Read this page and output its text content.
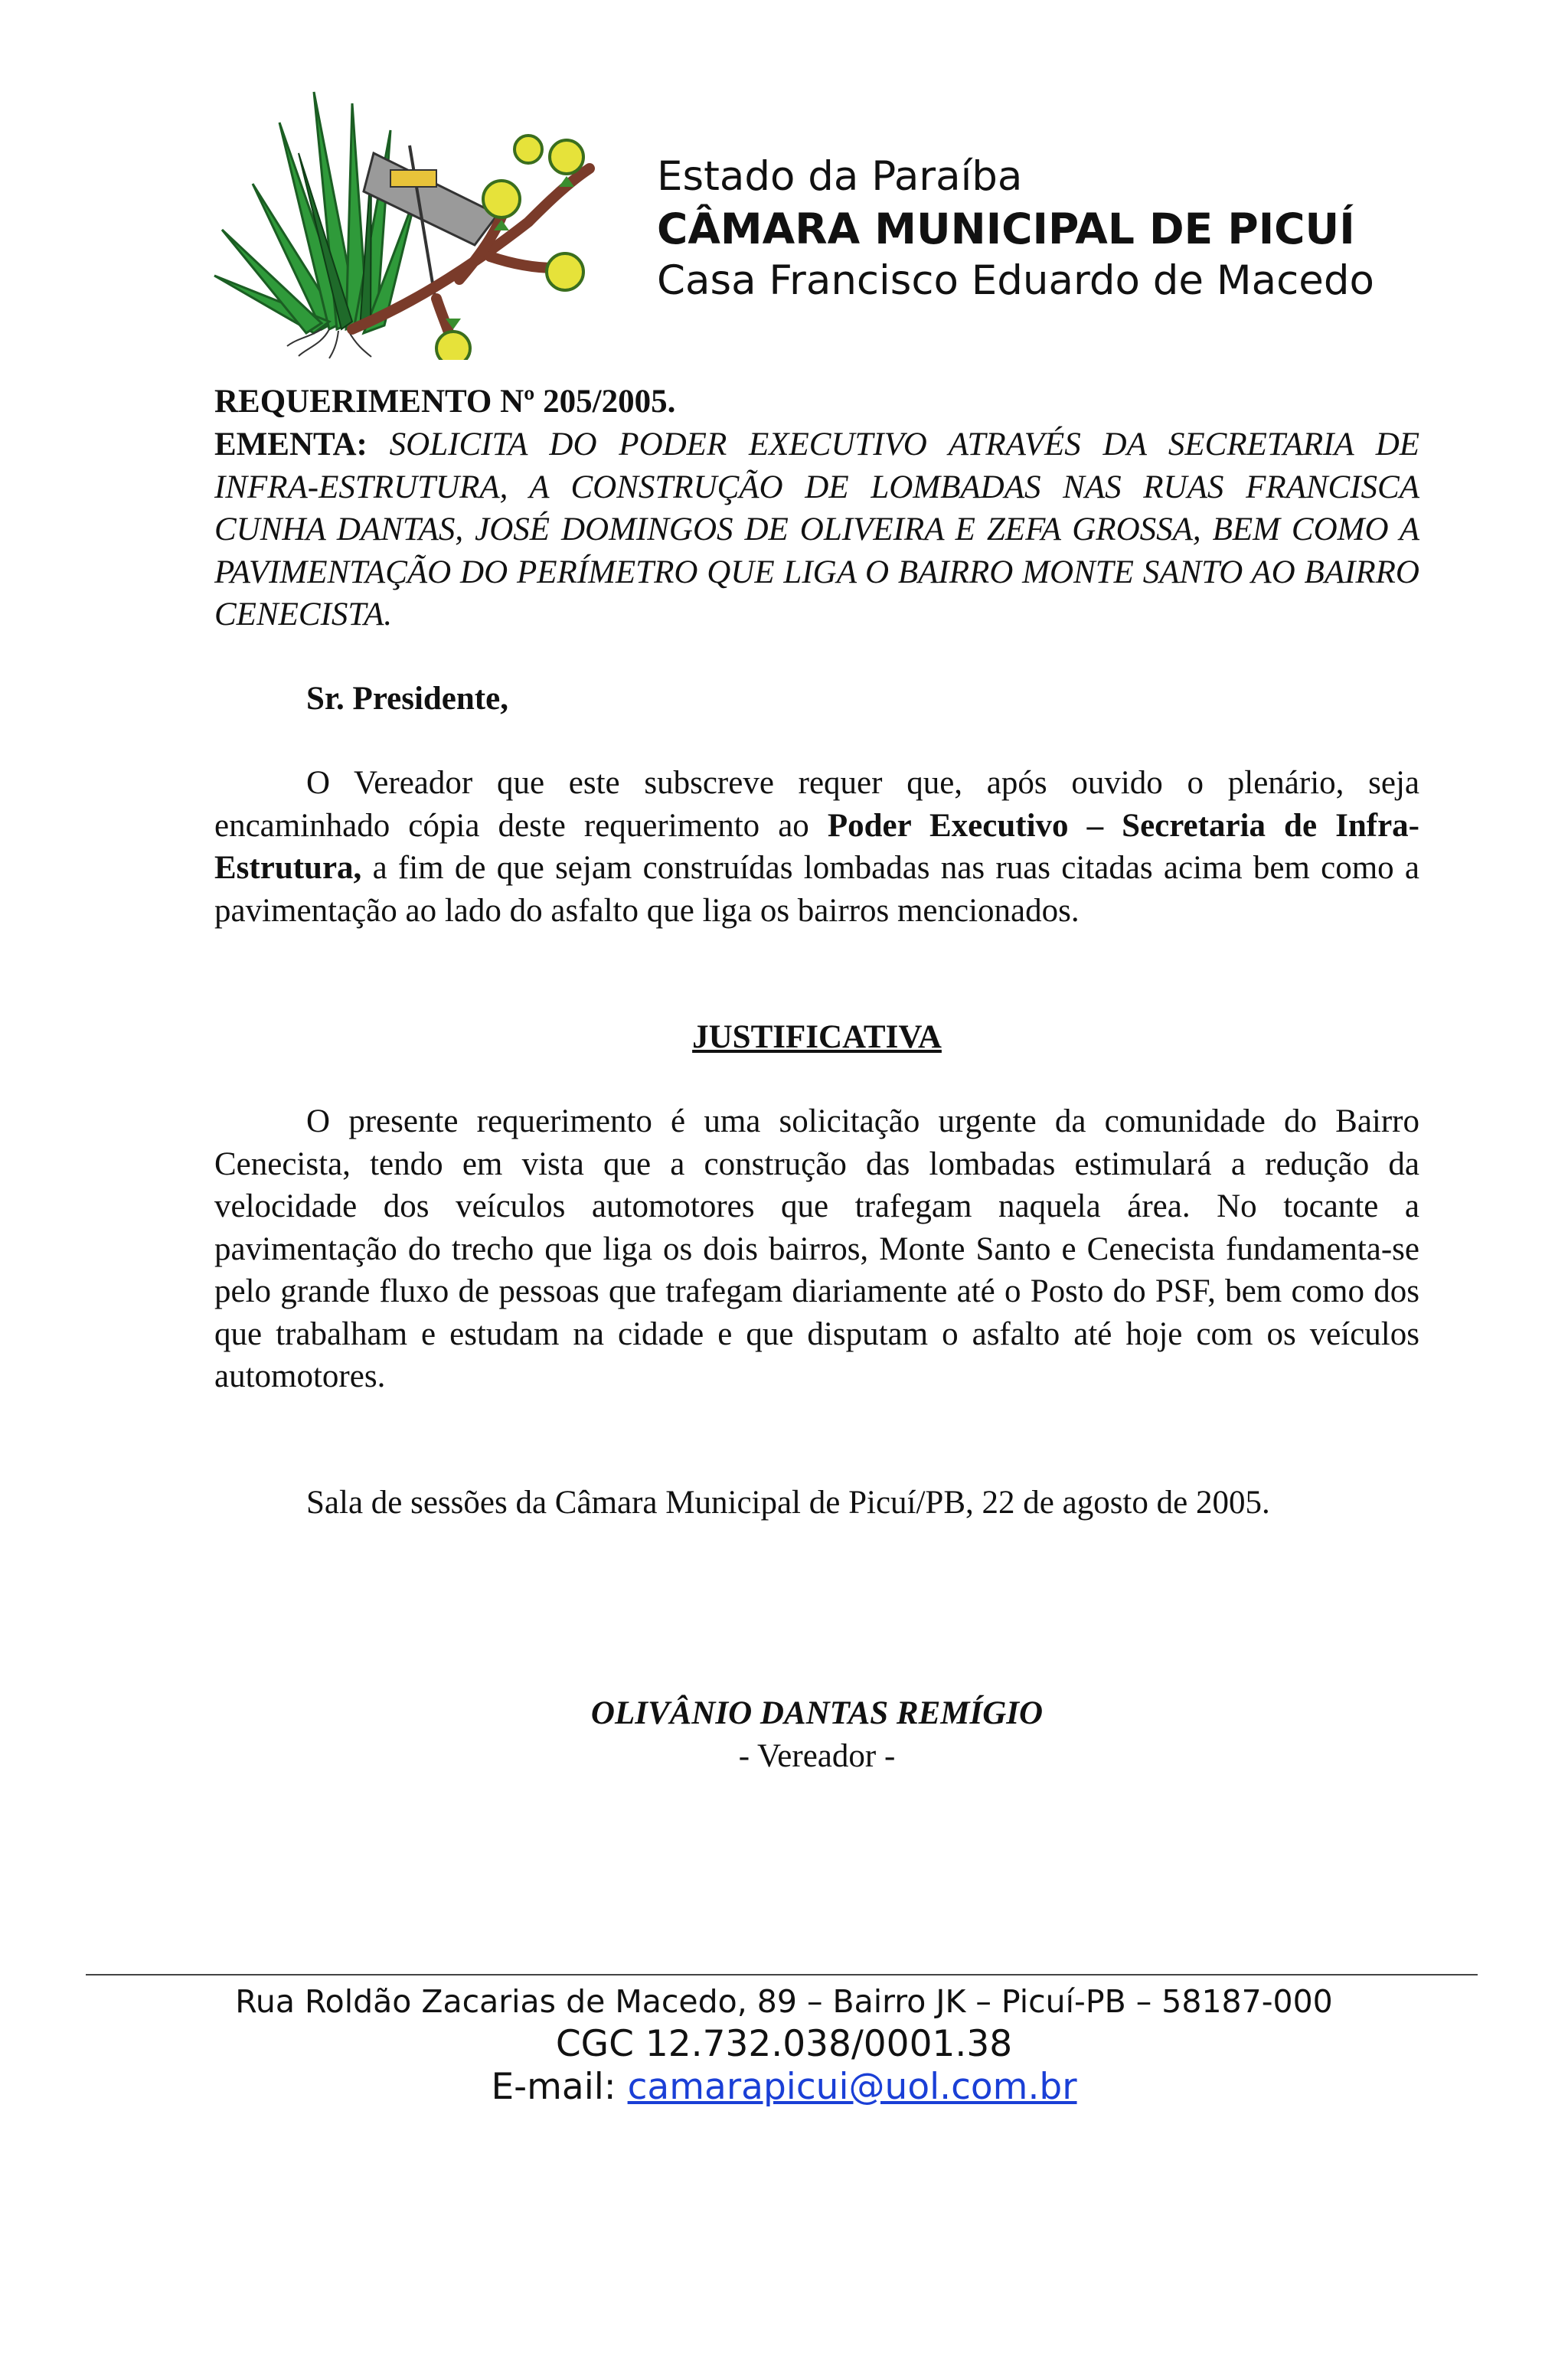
Estado da Paraíba
CÂMARA MUNICIPAL DE PICUÍ
Casa Francisco Eduardo de Macedo
REQUERIMENTO Nº 205/2005.
EMENTA: SOLICITA DO PODER EXECUTIVO ATRAVÉS DA SECRETARIA DE INFRA-ESTRUTURA, A CONSTRUÇÃO DE LOMBADAS NAS RUAS FRANCISCA CUNHA DANTAS, JOSÉ DOMINGOS DE OLIVEIRA E ZEFA GROSSA, BEM COMO A PAVIMENTAÇÃO DO PERÍMETRO QUE LIGA O BAIRRO MONTE SANTO AO BAIRRO CENECISTA.
Sr. Presidente,
O Vereador que este subscreve requer que, após ouvido o plenário, seja encaminhado cópia deste requerimento ao Poder Executivo – Secretaria de Infra-Estrutura, a fim de que sejam construídas lombadas nas ruas citadas acima bem como a pavimentação ao lado do asfalto que liga os bairros mencionados.
JUSTIFICATIVA
O presente requerimento é uma solicitação urgente da comunidade do Bairro Cenecista, tendo em vista que a construção das lombadas estimulará a redução da velocidade dos veículos automotores que trafegam naquela área. No tocante a pavimentação do trecho que liga os dois bairros, Monte Santo e Cenecista fundamenta-se pelo grande fluxo de pessoas que trafegam diariamente até o Posto do PSF, bem como dos que trabalham e estudam na cidade e que disputam o asfalto até hoje com os veículos automotores.
Sala de sessões da Câmara Municipal de Picuí/PB, 22 de agosto de 2005.
OLIVÂNIO DANTAS REMÍGIO
- Vereador -
Rua Roldão Zacarias de Macedo, 89 – Bairro JK – Picuí-PB – 58187-000
CGC 12.732.038/0001.38
E-mail: camarapicui@uol.com.br
